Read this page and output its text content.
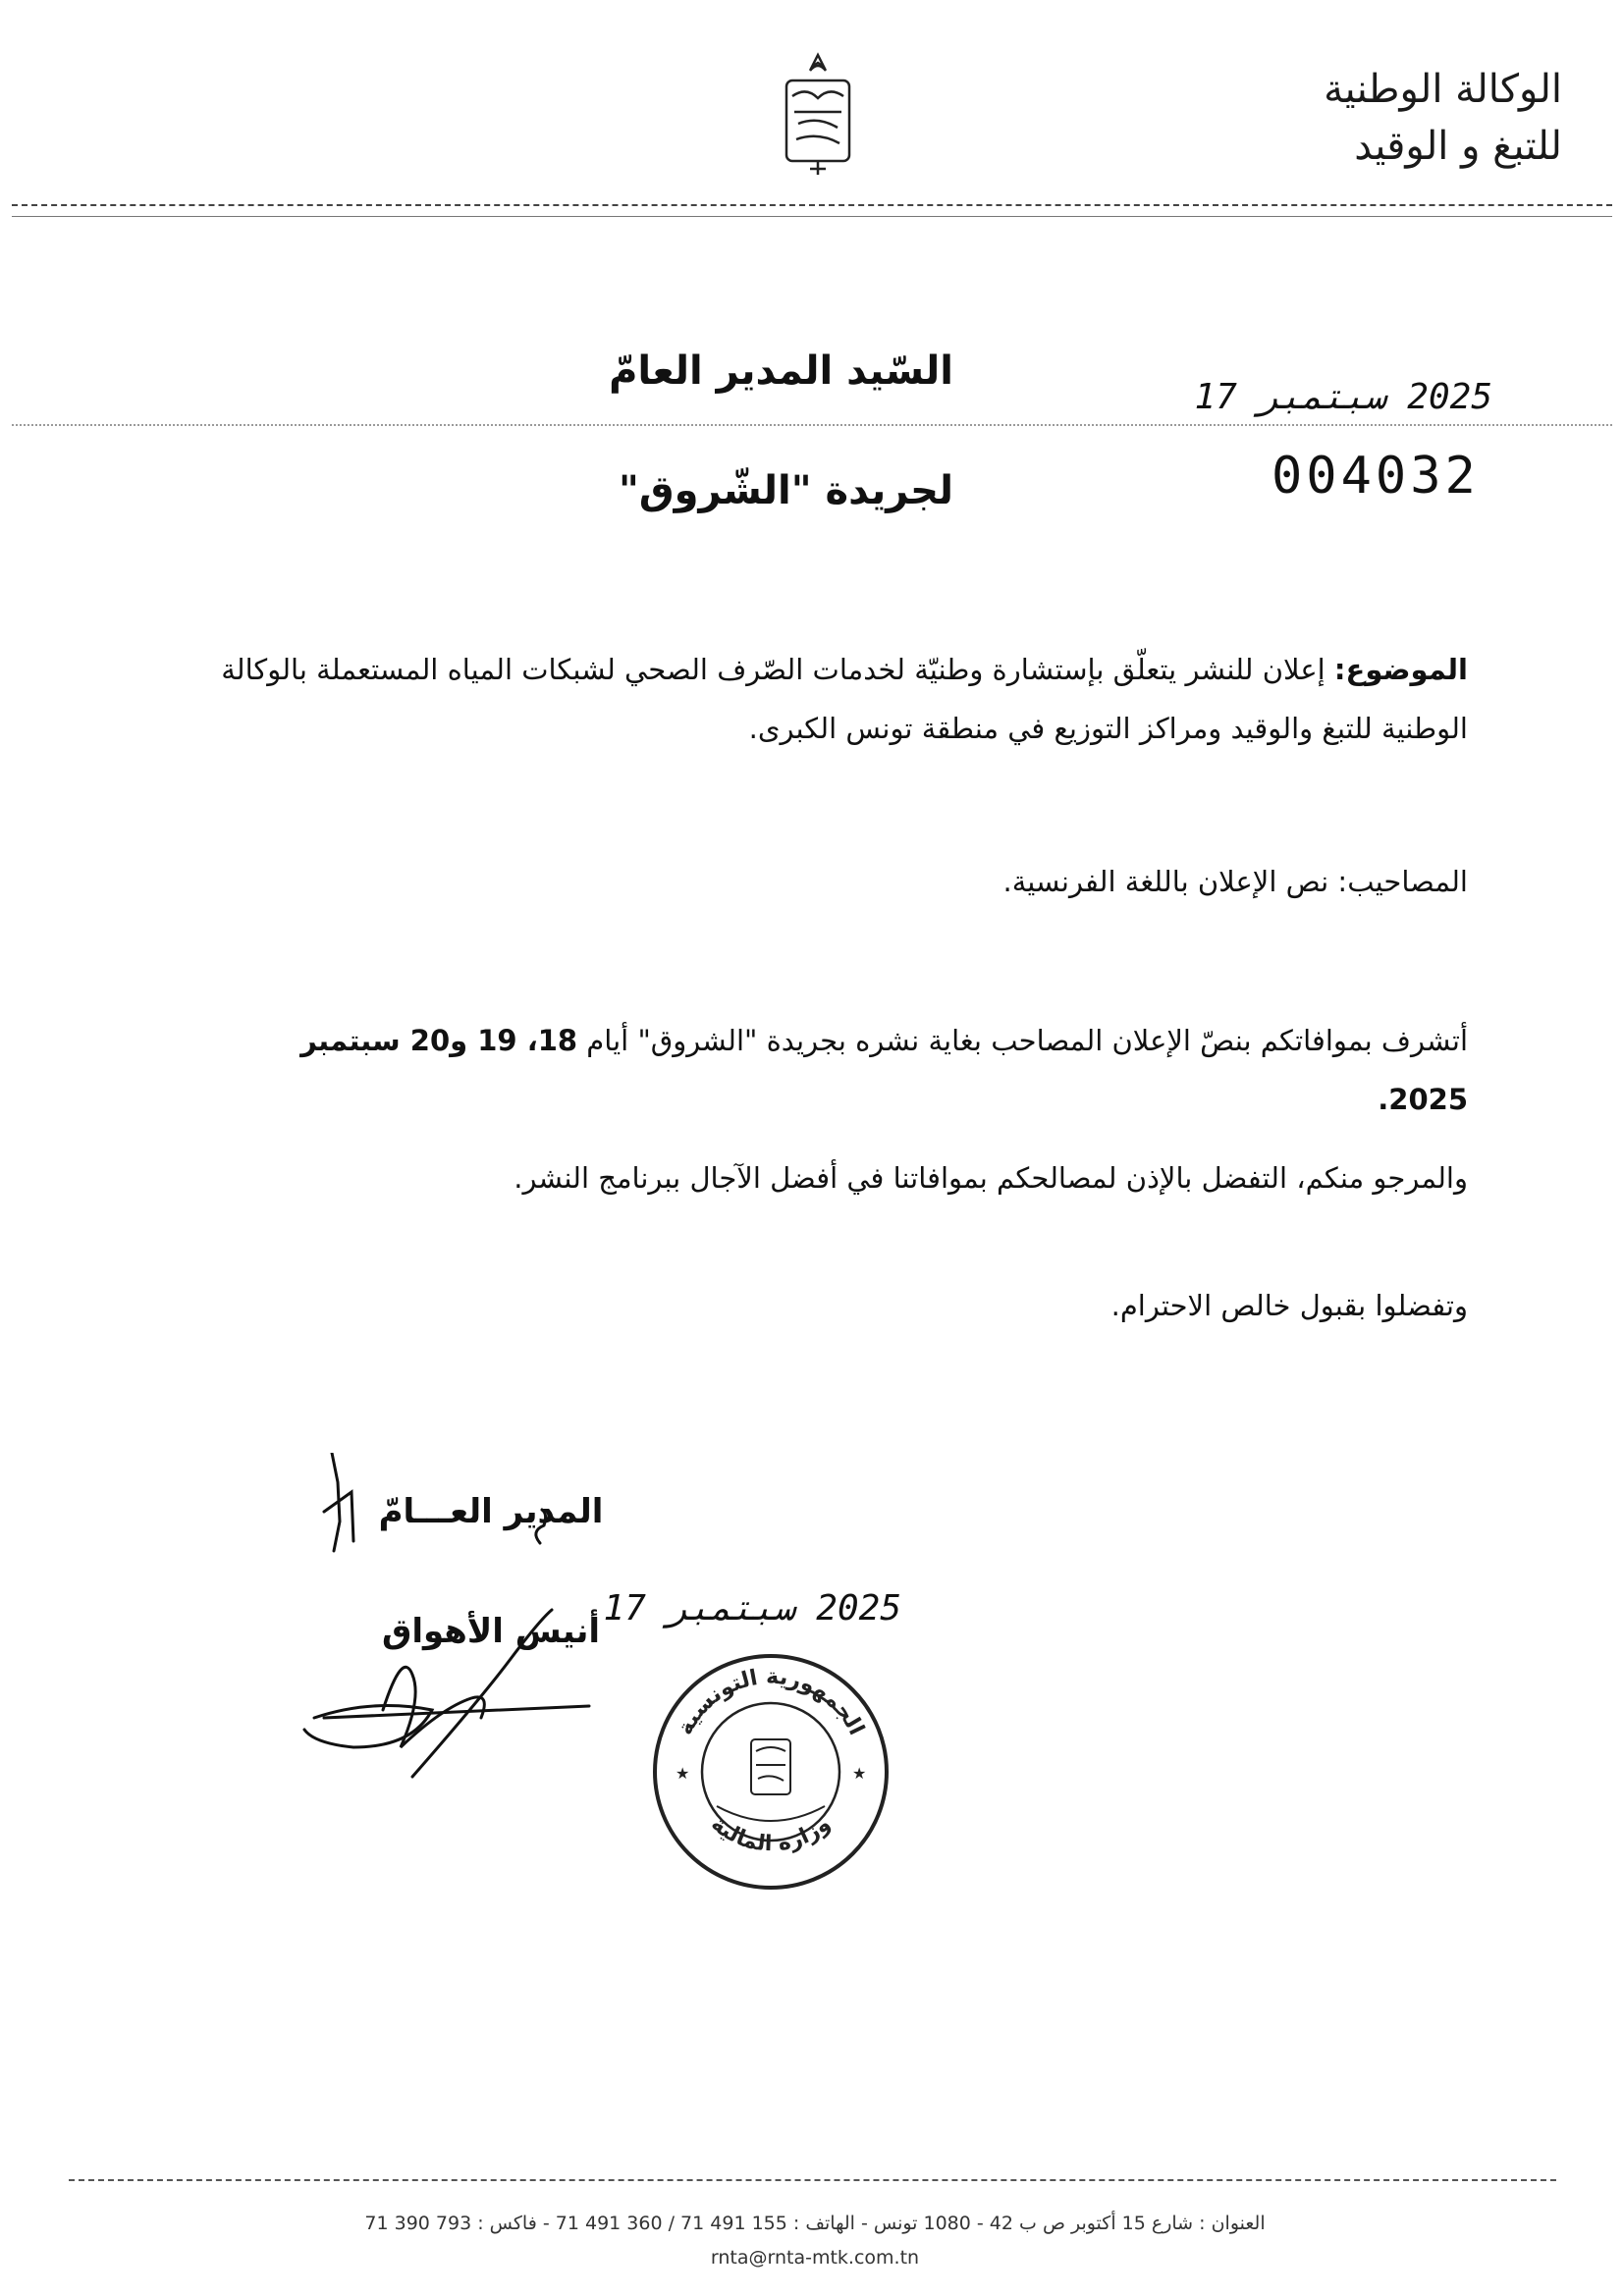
الوكالة الوطنية
للتبغ و الوقيد
السّيد المدير العامّ
لجريدة "الشّروق"
2025 سبتمبر 17
004032
الموضوع: إعلان للنشر يتعلّق بإستشارة وطنيّة لخدمات الصّرف الصحي لشبكات المياه المستعملة بالوكالة الوطنية للتبغ والوقيد ومراكز التوزيع في منطقة تونس الكبرى.
المصاحيب: نص الإعلان باللغة الفرنسية.
أتشرف بموافاتكم بنصّ الإعلان المصاحب بغاية نشره بجريدة "الشروق" أيام 18، 19 و20 سبتمبر 2025.
والمرجو منكم، التفضل بالإذن لمصالحكم بموافاتنا في أفضل الآجال ببرنامج النشر.
وتفضلوا بقبول خالص الاحترام.
المدير العـــامّ
2025 سبتمبر 17
أنيس الأهواق
الجمهورية التونسية
وزارة المالية
★	★
العنوان : شارع 15 أكتوبر ص ب 42 - 1080 تونس - الهاتف : 155 491 71 / 360 491 71 - فاكس : 793 390 71
rnta@rnta-mtk.com.tn
